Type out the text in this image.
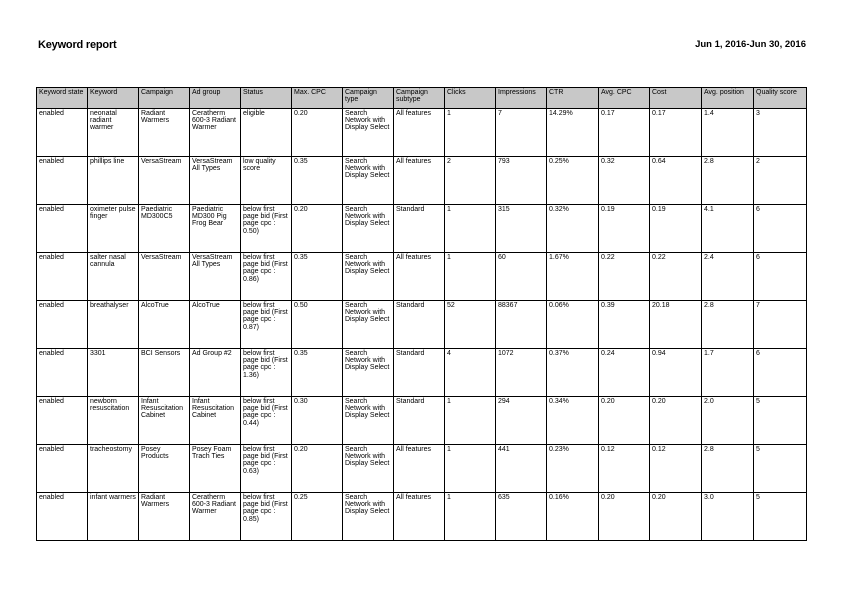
Keyword report	Jun 1, 2016-Jun 30, 2016
Keyword state	Keyword	Campaign	Ad group	Status	Max. CPC	Campaign type	Campaign subtype	Clicks	Impressions	CTR	Avg. CPC	Cost	Avg. position	Quality score
enabled	neonatal radiant warmer	Radiant Warmers	Ceratherm 600-3 Radiant Warmer	eligible	0.20	Search Network with Display Select	All features	1	7	14.29%	0.17	0.17	1.4	3
enabled	phillips line	VersaStream	VersaStream All Types	low quality score	0.35	Search Network with Display Select	All features	2	793	0.25%	0.32	0.64	2.8	2
enabled	oximeter pulse finger	Paediatric MD300C5	Paediatric MD300 Pig Frog Bear	below first page bid (First page cpc : 0.50)	0.20	Search Network with Display Select	Standard	1	315	0.32%	0.19	0.19	4.1	6
enabled	salter nasal cannula	VersaStream	VersaStream All Types	below first page bid (First page cpc : 0.86)	0.35	Search Network with Display Select	All features	1	60	1.67%	0.22	0.22	2.4	6
enabled	breathalyser	AlcoTrue	AlcoTrue	below first page bid (First page cpc : 0.87)	0.50	Search Network with Display Select	Standard	52	88367	0.06%	0.39	20.18	2.8	7
enabled	3301	BCI Sensors	Ad Group #2	below first page bid (First page cpc : 1.36)	0.35	Search Network with Display Select	Standard	4	1072	0.37%	0.24	0.94	1.7	6
enabled	newborn resuscitation	Infant Resuscitation Cabinet	Infant Resuscitation Cabinet	below first page bid (First page cpc : 0.44)	0.30	Search Network with Display Select	Standard	1	294	0.34%	0.20	0.20	2.0	5
enabled	tracheostomy	Posey Products	Posey Foam Trach Ties	below first page bid (First page cpc : 0.63)	0.20	Search Network with Display Select	All features	1	441	0.23%	0.12	0.12	2.8	5
enabled	infant warmers	Radiant Warmers	Ceratherm 600-3 Radiant Warmer	below first page bid (First page cpc : 0.85)	0.25	Search Network with Display Select	All features	1	635	0.16%	0.20	0.20	3.0	5
